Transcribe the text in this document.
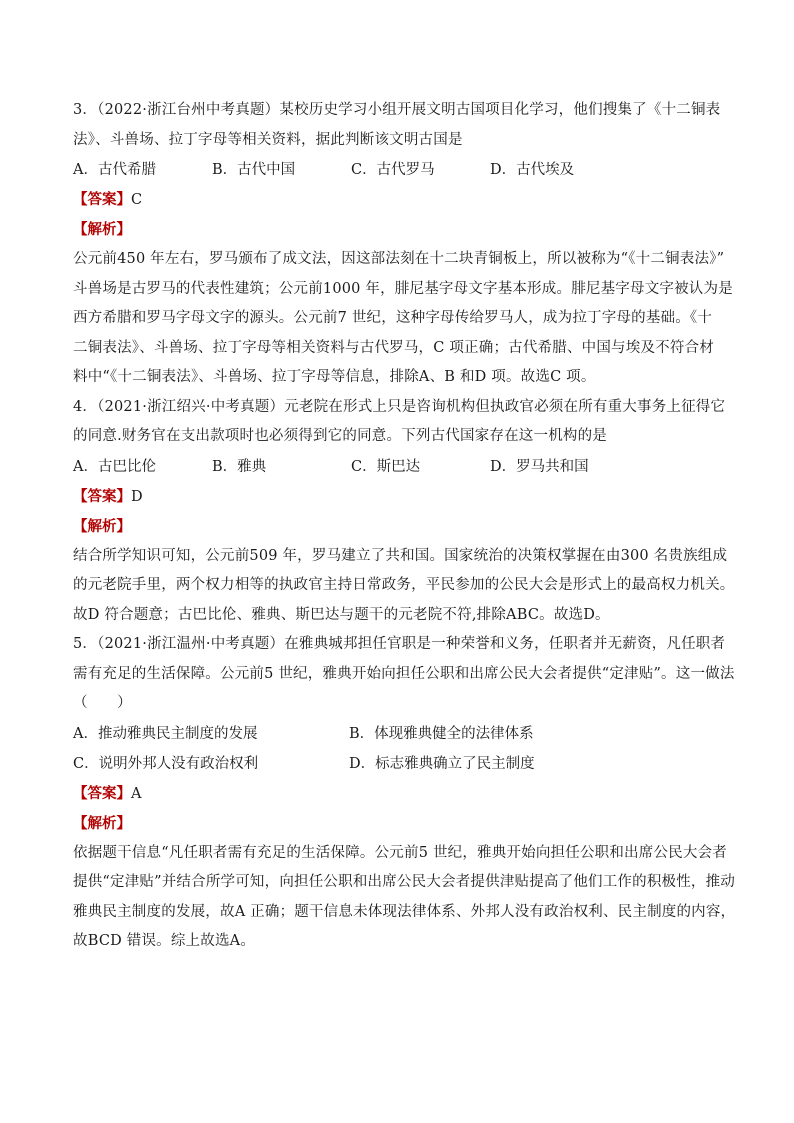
3．（2022·浙江台州中考真题）某校历史学习小组开展文明古国项目化学习，他们搜集了《十二铜表
法》、斗兽场、拉丁字母等相关资料，据此判断该文明古国是
A．古代希腊	B．古代中国	C．古代罗马	D．古代埃及
【答案】C
【解析】
公元前450 年左右，罗马颁布了成文法，因这部法刻在十二块青铜板上，所以被称为“《十二铜表法》”
斗兽场是古罗马的代表性建筑；公元前1000 年，腓尼基字母文字基本形成。腓尼基字母文字被认为是
西方希腊和罗马字母文字的源头。公元前7 世纪，这种字母传给罗马人，成为拉丁字母的基础。《十
二铜表法》、斗兽场、拉丁字母等相关资料与古代罗马，C 项正确；古代希腊、中国与埃及不符合材
料中“《十二铜表法》、斗兽场、拉丁字母等信息，排除A、B 和D 项。故选C 项。
4．（2021·浙江绍兴·中考真题）元老院在形式上只是咨询机构但执政官必须在所有重大事务上征得它
的同意.财务官在支出款项时也必须得到它的同意。下列古代国家存在这一机构的是
A．古巴比伦	B．雅典	C．斯巴达	D．罗马共和国
【答案】D
【解析】
结合所学知识可知，公元前509 年，罗马建立了共和国。国家统治的决策权掌握在由300 名贵族组成
的元老院手里，两个权力相等的执政官主持日常政务，平民参加的公民大会是形式上的最高权力机关。
故D 符合题意；古巴比伦、雅典、斯巴达与题干的元老院不符,排除ABC。故选D。
5．（2021·浙江温州·中考真题）在雅典城邦担任官职是一种荣誉和义务，任职者并无薪资，凡任职者
需有充足的生活保障。公元前5 世纪，雅典开始向担任公职和出席公民大会者提供“定津贴”。这一做法
（　　）
A．推动雅典民主制度的发展	B．体现雅典健全的法律体系
C．说明外邦人没有政治权利	D．标志雅典确立了民主制度
【答案】A
【解析】
依据题干信息“凡任职者需有充足的生活保障。公元前5 世纪，雅典开始向担任公职和出席公民大会者
提供“定津贴”并结合所学可知，向担任公职和出席公民大会者提供津贴提高了他们工作的积极性，推动
雅典民主制度的发展，故A 正确；题干信息未体现法律体系、外邦人没有政治权利、民主制度的内容，
故BCD 错误。综上故选A。
